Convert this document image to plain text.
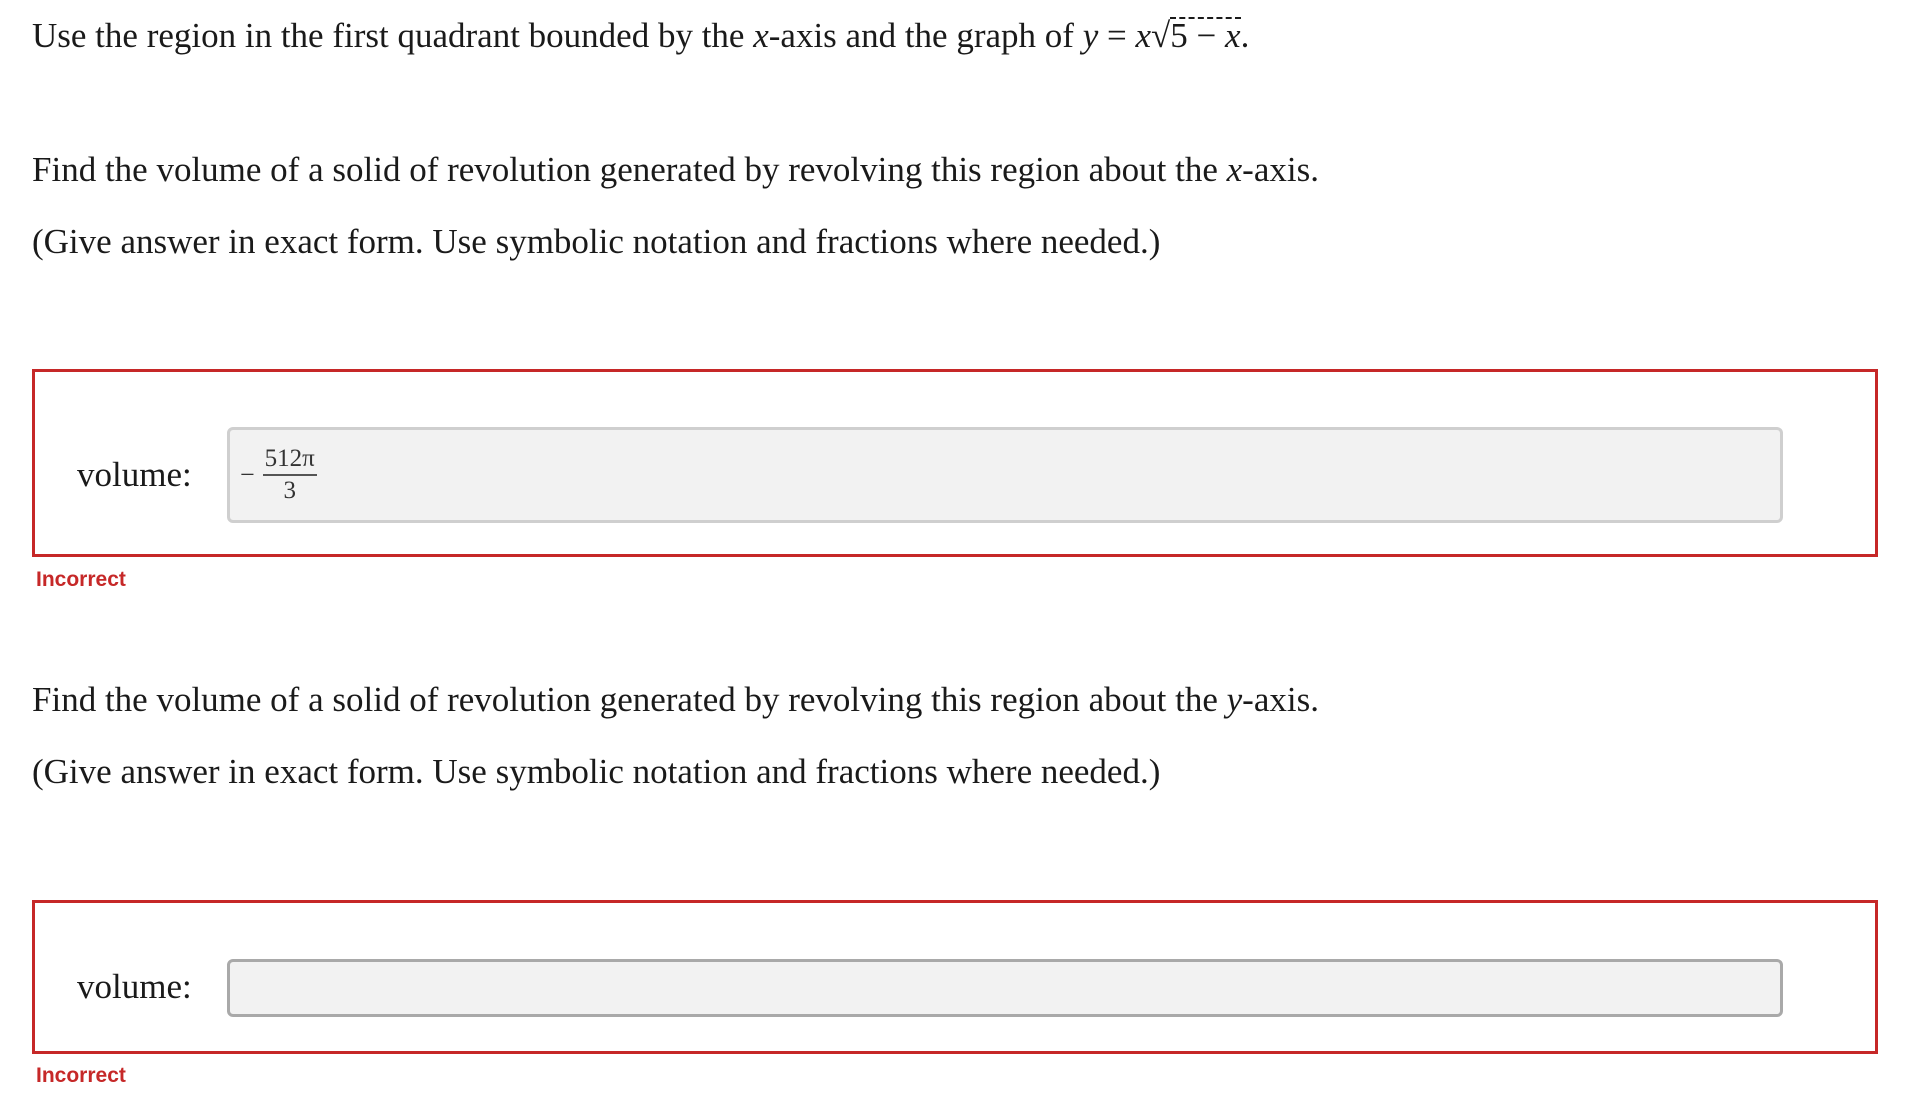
Use the region in the first quadrant bounded by the x-axis and the graph of y = x√5 − x.
Find the volume of a solid of revolution generated by revolving this region about the x-axis.
(Give answer in exact form. Use symbolic notation and fractions where needed.)
volume: − $\frac{512\pi}{3}$
Incorrect
Find the volume of a solid of revolution generated by revolving this region about the y-axis.
(Give answer in exact form. Use symbolic notation and fractions where needed.)
volume:
Incorrect
